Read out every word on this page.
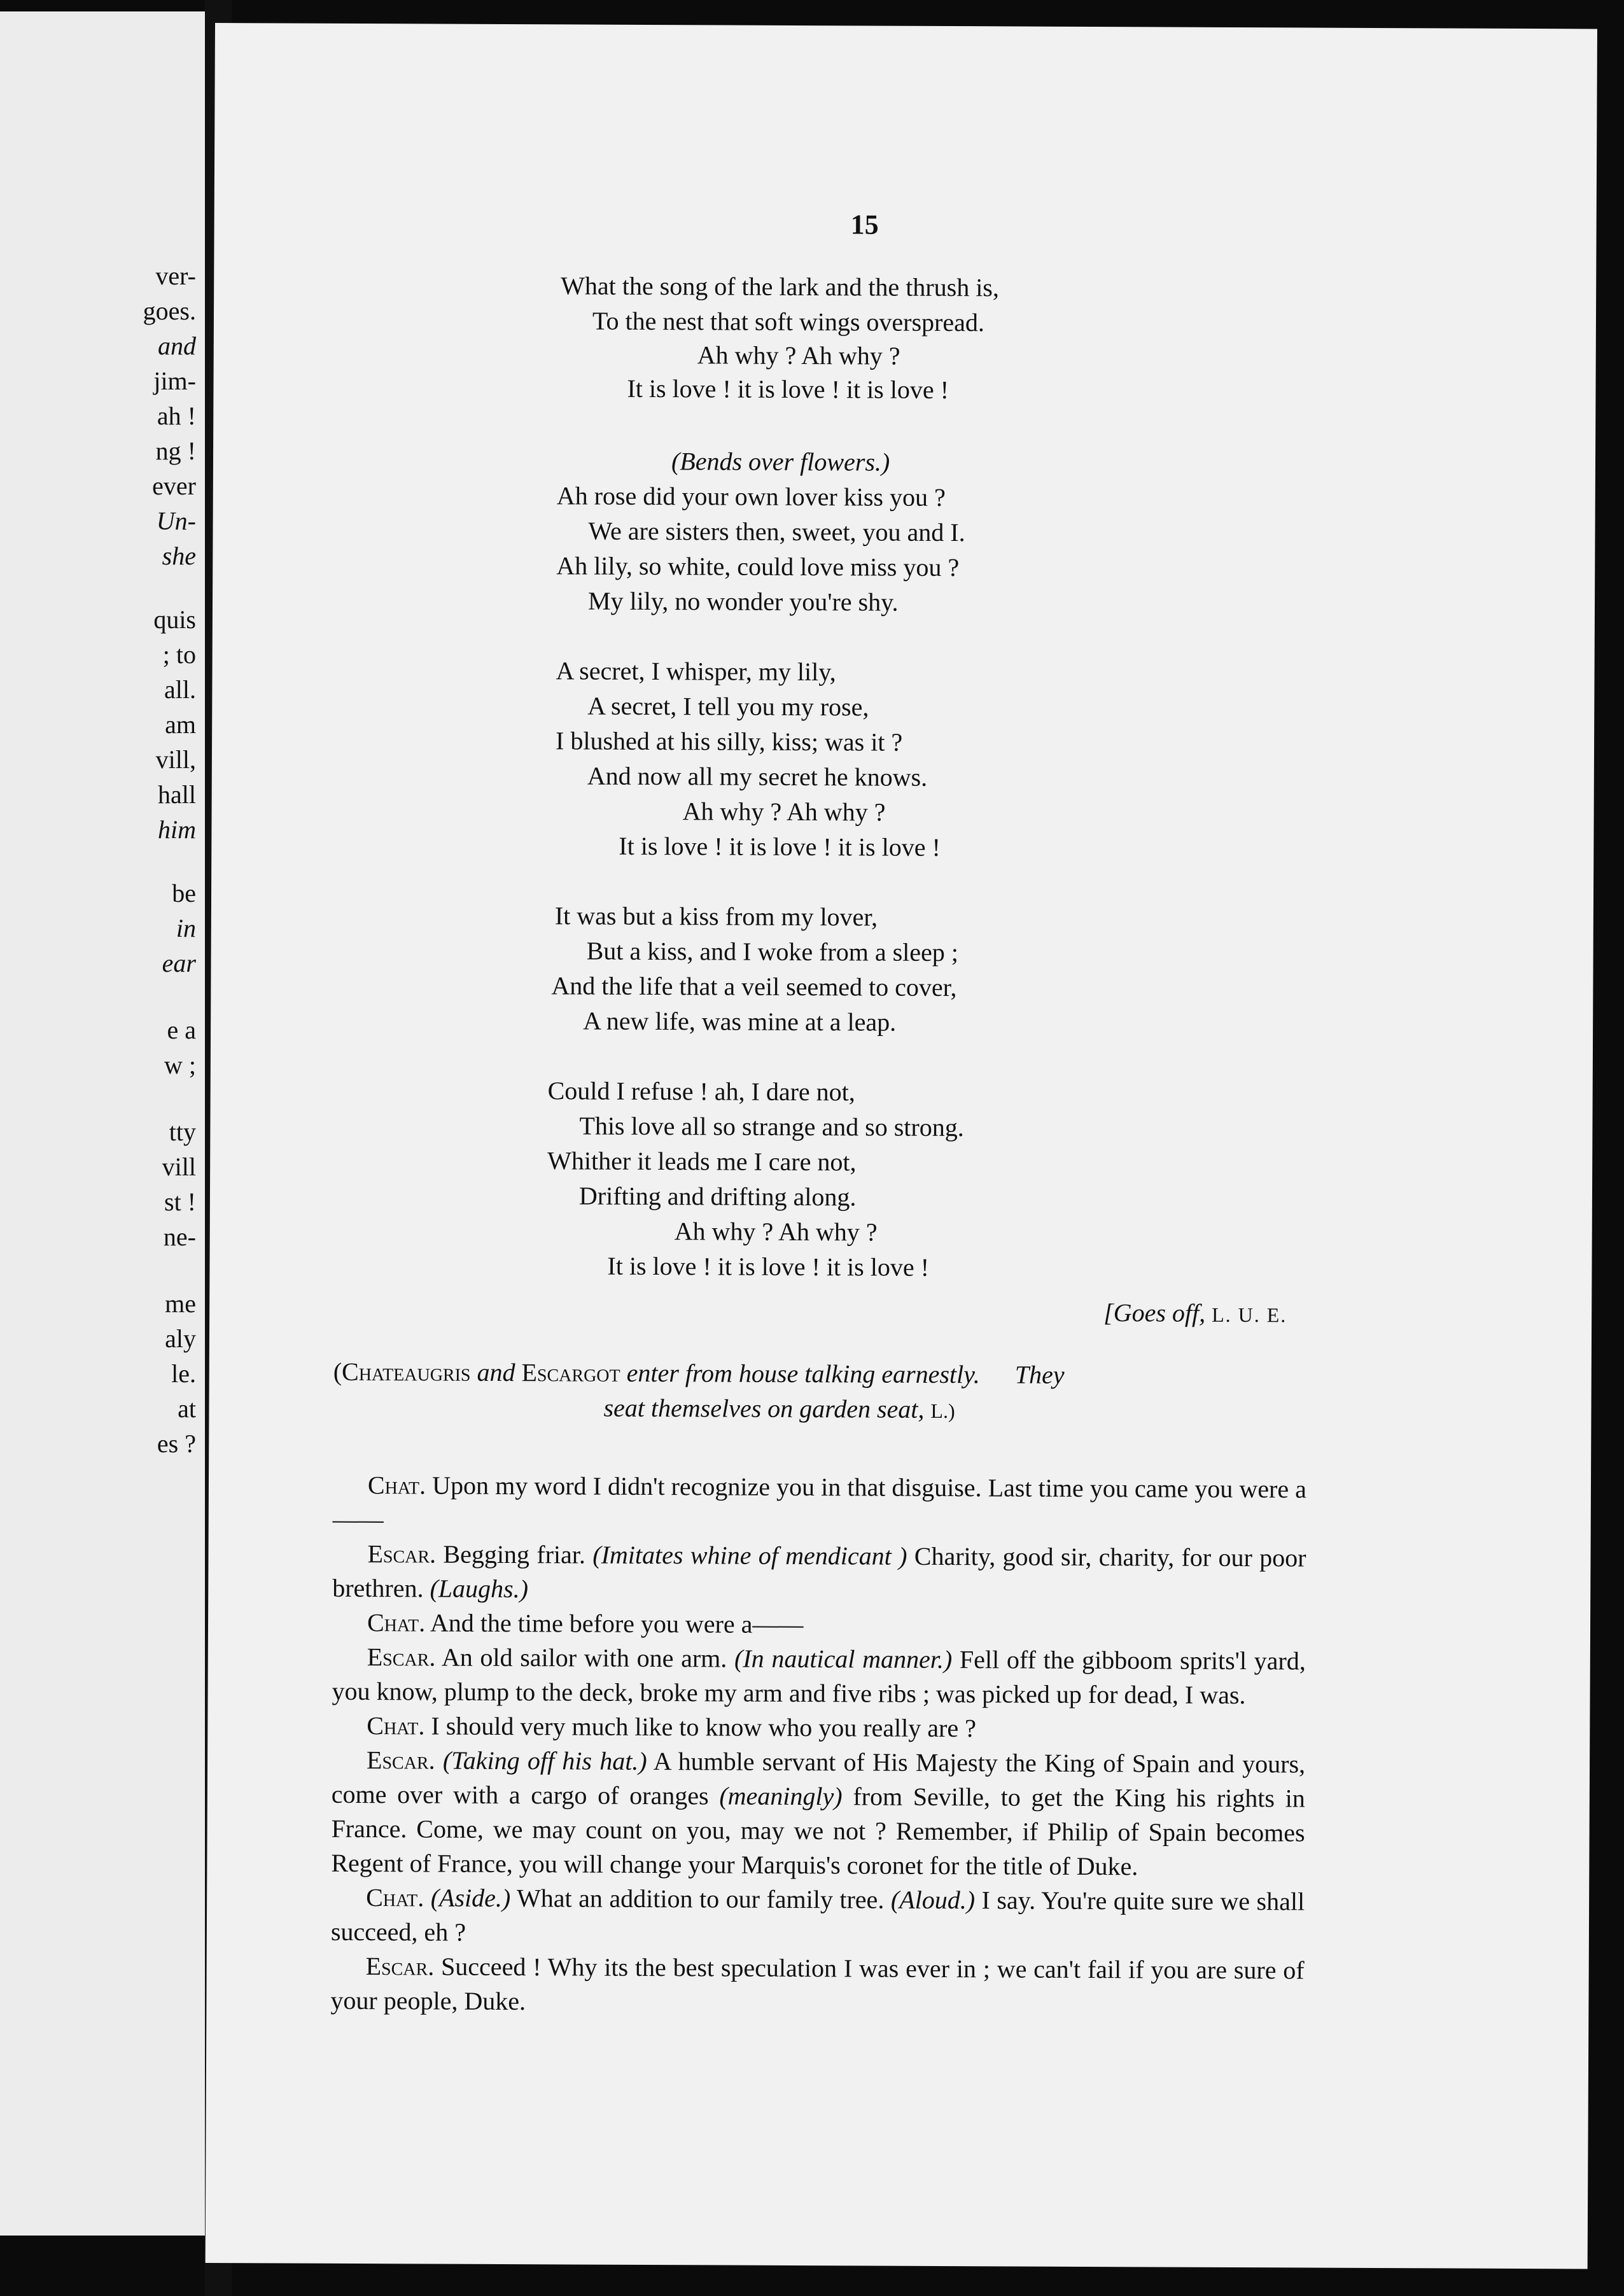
ver-
goes.
and
jim-
ah !
ng !
ever
Un-
she
quis
; to
all.
am
vill,
hall
him
be
in
ear
e a
w ;
tty
vill
st !
ne-
me
aly
le.
at
es ?
15
What the song of the lark and the thrush is,
To the nest that soft wings overspread.
Ah why ? Ah why ?
It is love ! it is love ! it is love !
(Bends over flowers.)
Ah rose did your own lover kiss you ?
We are sisters then, sweet, you and I.
Ah lily, so white, could love miss you ?
My lily, no wonder you're shy.
A secret, I whisper, my lily,
A secret, I tell you my rose,
I blushed at his silly, kiss; was it ?
And now all my secret he knows.
Ah why ? Ah why ?
It is love ! it is love ! it is love !
It was but a kiss from my lover,
But a kiss, and I woke from a sleep ;
And the life that a veil seemed to cover,
A new life, was mine at a leap.
Could I refuse ! ah, I dare not,
This love all so strange and so strong.
Whither it leads me I care not,
Drifting and drifting along.
Ah why ? Ah why ?
It is love ! it is love ! it is love !
[Goes off, L. U. E.
(Chateaugris and Escargot enter from house talking earnestly. They
seat themselves on garden seat, L.)

Chat. Upon my word I didn't recognize you in that disguise. Last time you came you were a——

Escar. Begging friar. (Imitates whine of mendicant ) Charity, good sir, charity, for our poor brethren. (Laughs.)

Chat. And the time before you were a——

Escar. An old sailor with one arm. (In nautical manner.) Fell off the gibboom sprits'l yard, you know, plump to the deck, broke my arm and five ribs ; was picked up for dead, I was.

Chat. I should very much like to know who you really are ?

Escar. (Taking off his hat.) A humble servant of His Majesty the King of Spain and yours, come over with a cargo of oranges (meaningly) from Seville, to get the King his rights in France. Come, we may count on you, may we not ? Remember, if Philip of Spain becomes Regent of France, you will change your Marquis's coronet for the title of Duke.

Chat. (Aside.) What an addition to our family tree. (Aloud.) I say. You're quite sure we shall succeed, eh ?

Escar. Succeed ! Why its the best speculation I was ever in ; we can't fail if you are sure of your people, Duke.
